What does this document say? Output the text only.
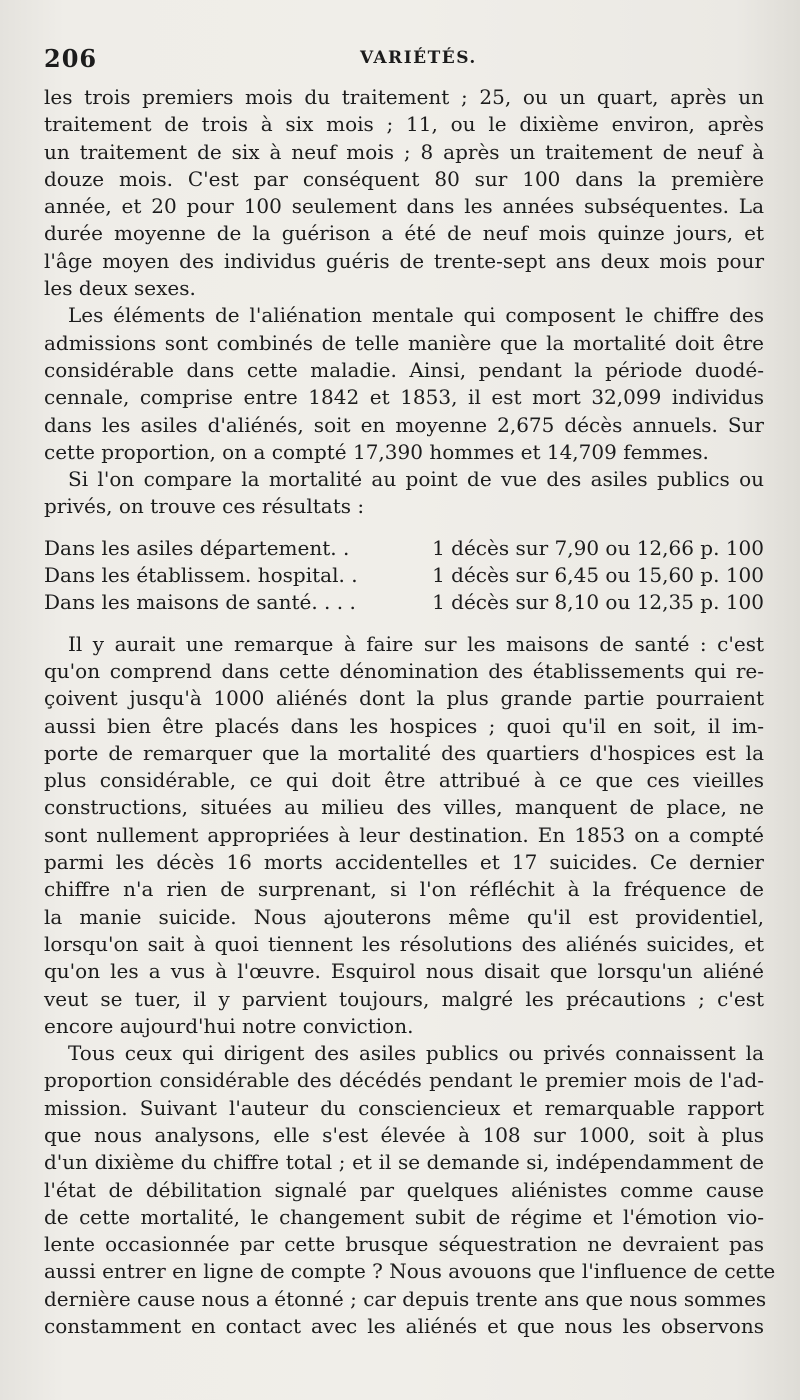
206	VARIÉTÉS.
les trois premiers mois du traitement ; 25, ou un quart, après un
traitement de trois à six mois ; 11, ou le dixième environ, après
un traitement de six à neuf mois ; 8 après un traitement de neuf à
douze mois. C'est par conséquent 80 sur 100 dans la première
année, et 20 pour 100 seulement dans les années subséquentes. La
durée moyenne de la guérison a été de neuf mois quinze jours, et
l'âge moyen des individus guéris de trente-sept ans deux mois pour
les deux sexes.
Les éléments de l'aliénation mentale qui composent le chiffre des
admissions sont combinés de telle manière que la mortalité doit être
considérable dans cette maladie. Ainsi, pendant la période duodé-
cennale, comprise entre 1842 et 1853, il est mort 32,099 individus
dans les asiles d'aliénés, soit en moyenne 2,675 décès annuels. Sur
cette proportion, on a compté 17,390 hommes et 14,709 femmes.
Si l'on compare la mortalité au point de vue des asiles publics ou
privés, on trouve ces résultats :
Dans les asiles département. .	1 décès sur 7,90 ou 12,66 p. 100
Dans les établissem. hospital. .	1 décès sur 6,45 ou 15,60 p. 100
Dans les maisons de santé. . . .	1 décès sur 8,10 ou 12,35 p. 100
Il y aurait une remarque à faire sur les maisons de santé : c'est
qu'on comprend dans cette dénomination des établissements qui re-
çoivent jusqu'à 1000 aliénés dont la plus grande partie pourraient
aussi bien être placés dans les hospices ; quoi qu'il en soit, il im-
porte de remarquer que la mortalité des quartiers d'hospices est la
plus considérable, ce qui doit être attribué à ce que ces vieilles
constructions, situées au milieu des villes, manquent de place, ne
sont nullement appropriées à leur destination. En 1853 on a compté
parmi les décès 16 morts accidentelles et 17 suicides. Ce dernier
chiffre n'a rien de surprenant, si l'on réfléchit à la fréquence de
la manie suicide. Nous ajouterons même qu'il est providentiel,
lorsqu'on sait à quoi tiennent les résolutions des aliénés suicides, et
qu'on les a vus à l'œuvre. Esquirol nous disait que lorsqu'un aliéné
veut se tuer, il y parvient toujours, malgré les précautions ; c'est
encore aujourd'hui notre conviction.
Tous ceux qui dirigent des asiles publics ou privés connaissent la
proportion considérable des décédés pendant le premier mois de l'ad-
mission. Suivant l'auteur du consciencieux et remarquable rapport
que nous analysons, elle s'est élevée à 108 sur 1000, soit à plus
d'un dixième du chiffre total ; et il se demande si, indépendamment de
l'état de débilitation signalé par quelques aliénistes comme cause
de cette mortalité, le changement subit de régime et l'émotion vio-
lente occasionnée par cette brusque séquestration ne devraient pas
aussi entrer en ligne de compte ? Nous avouons que l'influence de cette
dernière cause nous a étonné ; car depuis trente ans que nous sommes
constamment en contact avec les aliénés et que nous les observons
